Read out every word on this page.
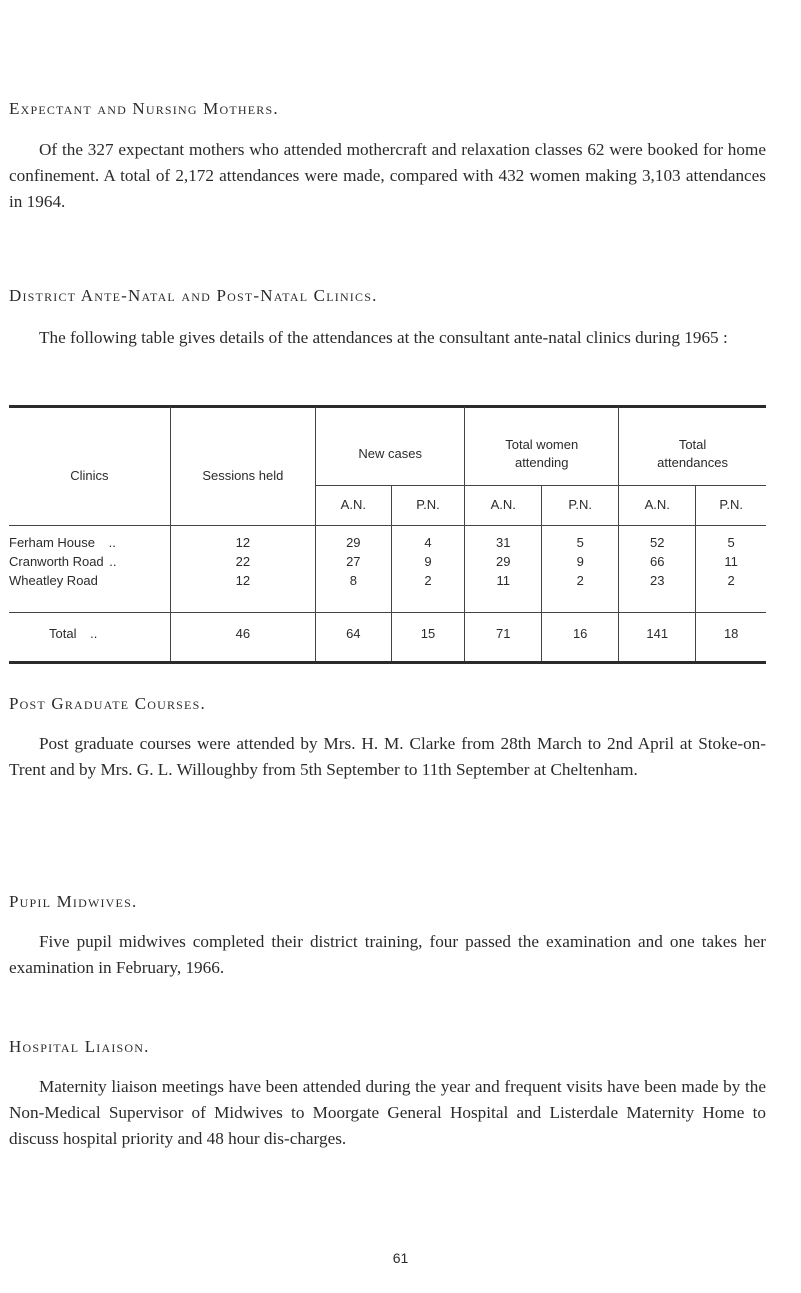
Expectant and Nursing Mothers.

Of the 327 expectant mothers who attended mothercraft and relaxation classes 62 were booked for home confinement. A total of 2,172 attendances were made, compared with 432 women making 3,103 attendances in 1964.

District Ante-Natal and Post-Natal Clinics.

The following table gives details of the attendances at the consultant ante-natal clinics during 1965 :

Clinics	Sessions held	New cases		Total women attending		Total attendances	
		A.N.	P.N.	A.N.	P.N.	A.N.	P.N.

Ferham House ..	12	29	4	31	5	52	5
Cranworth Road ..	22	27	9	29	9	66	11
Wheatley Road	12	8	2	11	2	23	2

Total ..	46	64	15	71	16	141	18

Post Graduate Courses.

Post graduate courses were attended by Mrs. H. M. Clarke from 28th March to 2nd April at Stoke-on-Trent and by Mrs. G. L. Willoughby from 5th September to 11th September at Cheltenham.

Pupil Midwives.

Five pupil midwives completed their district training, four passed the examination and one takes her examination in February, 1966.

Hospital Liaison.

Maternity liaison meetings have been attended during the year and frequent visits have been made by the Non-Medical Supervisor of Midwives to Moorgate General Hospital and Listerdale Maternity Home to discuss hospital priority and 48 hour dis-charges.

61
